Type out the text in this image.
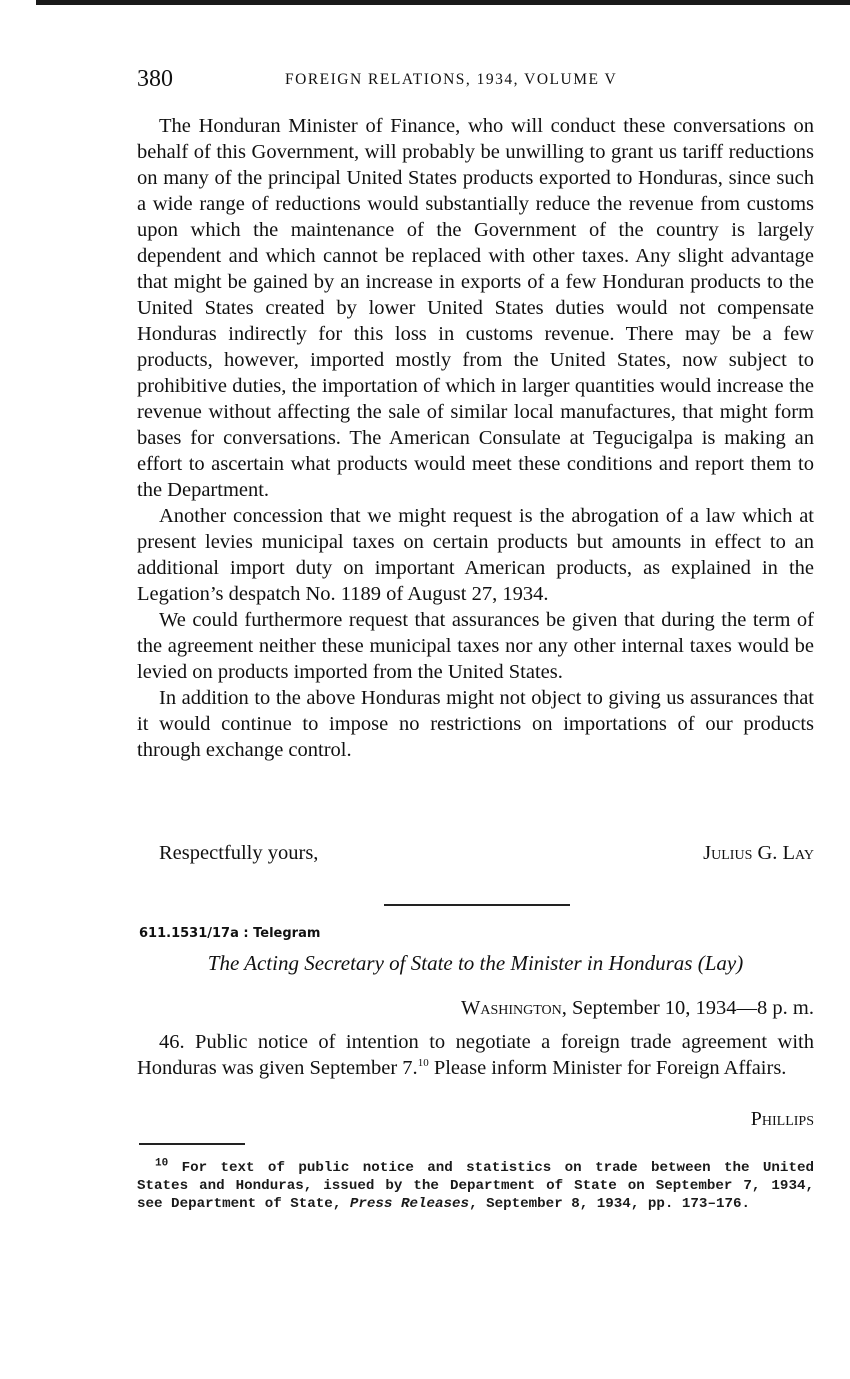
380	FOREIGN RELATIONS, 1934, VOLUME V

The Honduran Minister of Finance, who will conduct these conversations on behalf of this Government, will probably be unwilling to grant us tariff reductions on many of the principal United States products exported to Honduras, since such a wide range of reductions would substantially reduce the revenue from customs upon which the maintenance of the Government of the country is largely dependent and which cannot be replaced with other taxes. Any slight advantage that might be gained by an increase in exports of a few Honduran products to the United States created by lower United States duties would not compensate Honduras indirectly for this loss in customs revenue. There may be a few products, however, imported mostly from the United States, now subject to prohibitive duties, the importation of which in larger quantities would increase the revenue without affecting the sale of similar local manufactures, that might form bases for conversations. The American Consulate at Tegucigalpa is making an effort to ascertain what products would meet these conditions and report them to the Department.

Another concession that we might request is the abrogation of a law which at present levies municipal taxes on certain products but amounts in effect to an additional import duty on important American products, as explained in the Legation’s despatch No. 1189 of August 27, 1934.

We could furthermore request that assurances be given that during the term of the agreement neither these municipal taxes nor any other internal taxes would be levied on products imported from the United States.

In addition to the above Honduras might not object to giving us assurances that it would continue to impose no restrictions on importations of our products through exchange control.

Respectfully yours,	Julius G. Lay
611.1531/17a : Telegram
The Acting Secretary of State to the Minister in Honduras (Lay)
Washington, September 10, 1934—8 p. m.

46. Public notice of intention to negotiate a foreign trade agreement with Honduras was given September 7.10 Please inform Minister for Foreign Affairs.

Phillips

$^{10}$ For text of public notice and statistics on trade between the United States and Honduras, issued by the Department of State on September 7, 1934, see Department of State, Press Releases, September 8, 1934, pp. 173–176.
